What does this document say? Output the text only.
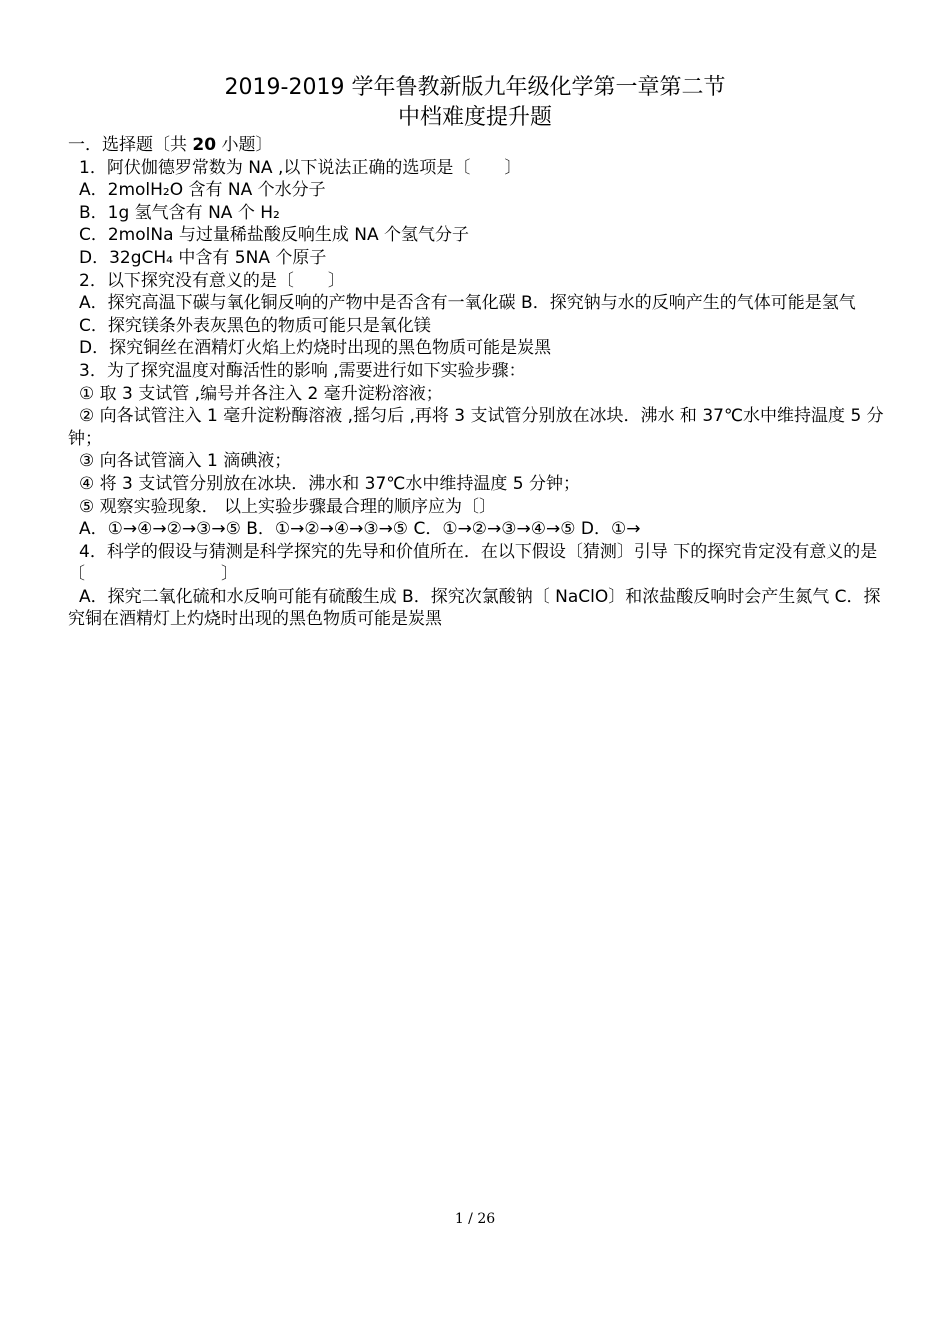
2019-2019 学年鲁教新版九年级化学第一章第二节
中档难度提升题

一．选择题〔共 20 小题〕

1．阿伏伽德罗常数为 NA ,以下说法正确的选项是〔　　〕

A．2molH₂O 含有 NA 个水分子

B．1g 氢气含有 NA 个 H₂

C．2molNa 与过量稀盐酸反响生成 NA 个氢气分子

D．32gCH₄ 中含有 5NA 个原子

2．以下探究没有意义的是〔　　〕

A．探究高温下碳与氧化铜反响的产物中是否含有一氧化碳 B．探究钠与水的反响产生的气体可能是氢气

C．探究镁条外表灰黑色的物质可能只是氧化镁

D．探究铜丝在酒精灯火焰上灼烧时出现的黑色物质可能是炭黑

3．为了探究温度对酶活性的影响 ,需要进行如下实验步骤：

① 取 3 支试管 ,编号并各注入 2 毫升淀粉溶液；

② 向各试管注入 1 毫升淀粉酶溶液 ,摇匀后 ,再将 3 支试管分别放在冰块．沸水 和 37℃水中维持温度 5 分钟；

③ 向各试管滴入 1 滴碘液；

④ 将 3 支试管分别放在冰块．沸水和 37℃水中维持温度 5 分钟；

⑤ 观察实验现象． 以上实验步骤最合理的顺序应为〔〕

A．①→④→②→③→⑤ B．①→②→④→③→⑤ C．①→②→③→④→⑤ D．①→

4．科学的假设与猜测是科学探究的先导和价值所在．在以下假设〔猜测〕引导 下的探究肯定没有意义的是〔　　　　　　　　〕

A．探究二氧化硫和水反响可能有硫酸生成 B．探究次氯酸钠〔 NaClO〕和浓盐酸反响时会产生氮气 C．探究铜在酒精灯上灼烧时出现的黑色物质可能是炭黑

1 / 26
